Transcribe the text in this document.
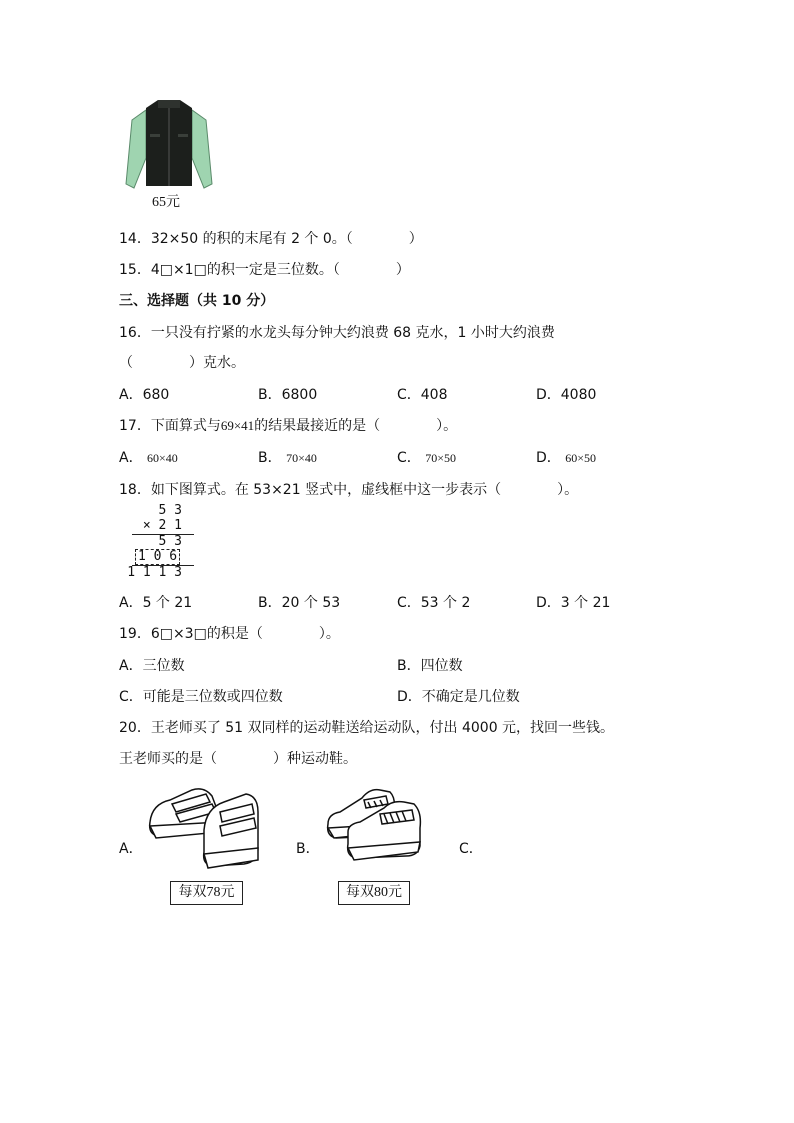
65元
14．32×50 的积的末尾有 2 个 0。（　　　　）
15．4□×1□的积一定是三位数。（　　　　）
三、选择题（共 10 分）
16．一只没有拧紧的水龙头每分钟大约浪费 68 克水，1 小时大约浪费
（　　　　）克水。
A．680	B．6800	C．408	D．4080
17．下面算式与69×41的结果最接近的是（　　　　）。
A． 60×40	B． 70×40	C． 70×50	D． 60×50
18．如下图算式。在 53×21 竖式中，虚线框中这一步表示（　　　　）。
5 3
× 2 1
5 3
1 0 6
1 1 1 3
A．5 个 21	B．20 个 53	C．53 个 2	D．3 个 21
19．6□×3□的积是（　　　　）。
A．三位数	B．四位数
C．可能是三位数或四位数	D．不确定是几位数
20．王老师买了 51 双同样的运动鞋送给运动队，付出 4000 元，找回一些钱。
王老师买的是（　　　　）种运动鞋。
A．	B．	C．
每双78元	每双80元
